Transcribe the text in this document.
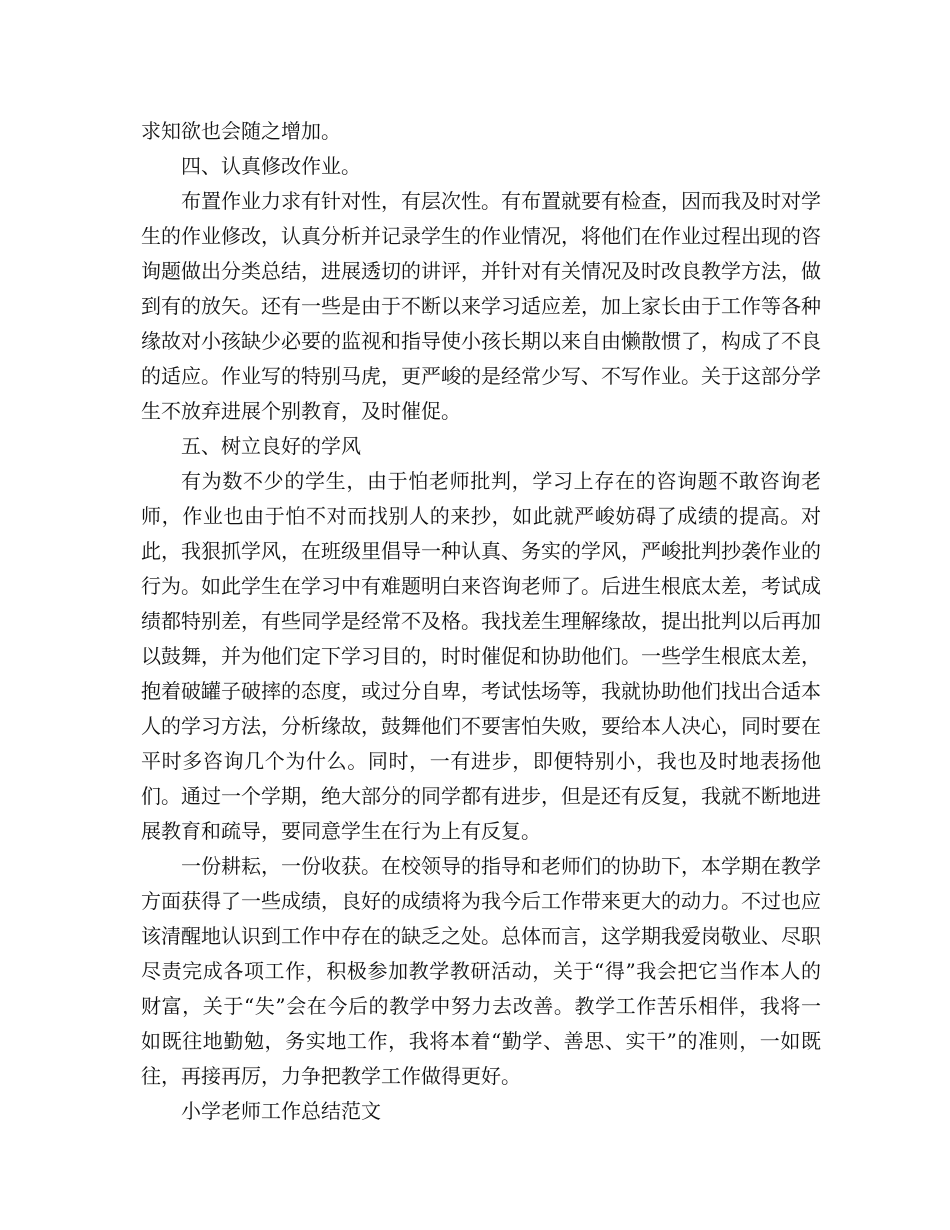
求知欲也会随之增加。

四、认真修改作业。

布置作业力求有针对性，有层次性。有布置就要有检查，因而我及时对学生的作业修改，认真分析并记录学生的作业情况，将他们在作业过程出现的咨询题做出分类总结，进展透切的讲评，并针对有关情况及时改良教学方法，做到有的放矢。还有一些是由于不断以来学习适应差，加上家长由于工作等各种缘故对小孩缺少必要的监视和指导使小孩长期以来自由懒散惯了，构成了不良的适应。作业写的特别马虎，更严峻的是经常少写、不写作业。关于这部分学生不放弃进展个别教育，及时催促。

五、树立良好的学风

有为数不少的学生，由于怕老师批判，学习上存在的咨询题不敢咨询老师，作业也由于怕不对而找别人的来抄，如此就严峻妨碍了成绩的提高。对此，我狠抓学风，在班级里倡导一种认真、务实的学风，严峻批判抄袭作业的行为。如此学生在学习中有难题明白来咨询老师了。后进生根底太差，考试成绩都特别差，有些同学是经常不及格。我找差生理解缘故，提出批判以后再加以鼓舞，并为他们定下学习目的，时时催促和协助他们。一些学生根底太差，抱着破罐子破摔的态度，或过分自卑，考试怯场等，我就协助他们找出合适本人的学习方法，分析缘故，鼓舞他们不要害怕失败，要给本人决心，同时要在平时多咨询几个为什么。同时，一有进步，即便特别小，我也及时地表扬他们。通过一个学期，绝大部分的同学都有进步，但是还有反复，我就不断地进展教育和疏导，要同意学生在行为上有反复。

一份耕耘，一份收获。在校领导的指导和老师们的协助下，本学期在教学方面获得了一些成绩，良好的成绩将为我今后工作带来更大的动力。不过也应该清醒地认识到工作中存在的缺乏之处。总体而言，这学期我爱岗敬业、尽职尽责完成各项工作，积极参加教学教研活动，关于“得”我会把它当作本人的财富，关于“失”会在今后的教学中努力去改善。教学工作苦乐相伴，我将一如既往地勤勉，务实地工作，我将本着“勤学、善思、实干”的准则，一如既往，再接再厉，力争把教学工作做得更好。

小学老师工作总结范文
